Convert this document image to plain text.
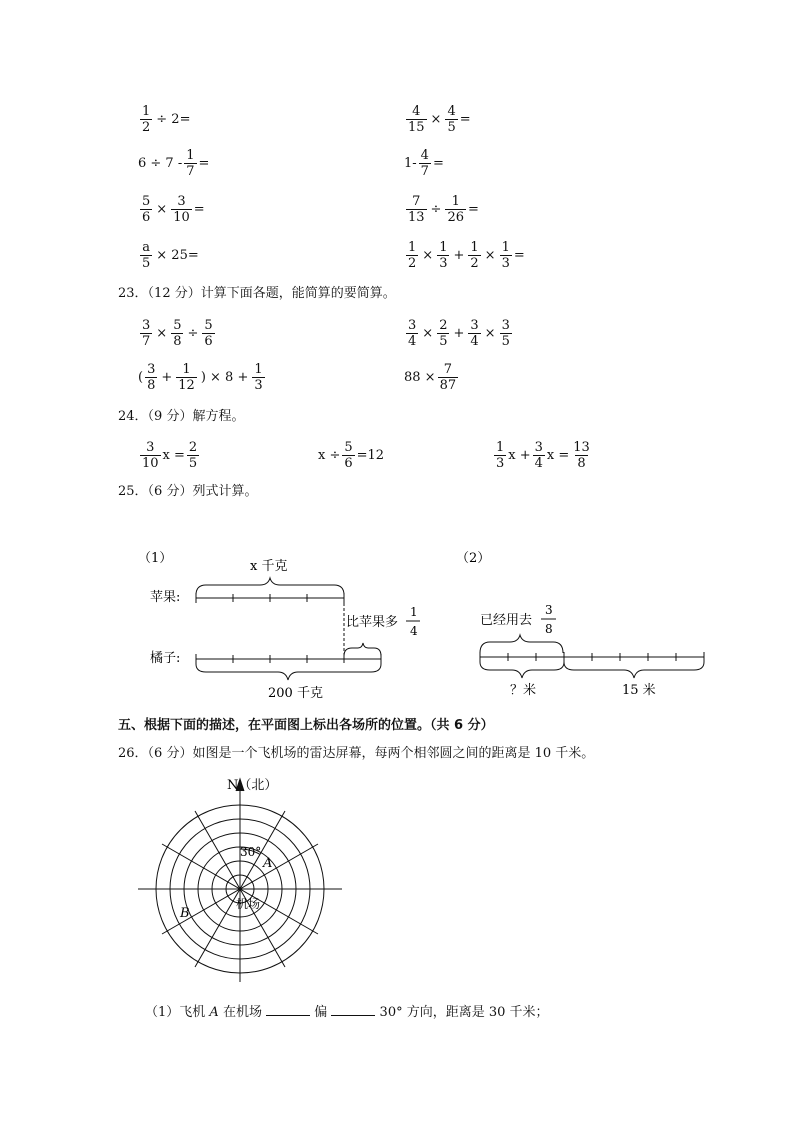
$\frac{1}{2} \div 2=$	$\frac{4}{15} \times \frac{4}{5}$ =
$6 \div 7 - \frac{1}{7}$ =	$1- \frac{4}{7}$ =
$\frac{5}{6} \times \frac{3}{10}$ =	$\frac{7}{13} \div \frac{1}{26}$ =
$\frac{a}{5} \times 25=$	$\frac{1}{2} \times \frac{1}{3} + \frac{1}{2} \times \frac{1}{3}$ =
23．（12 分）计算下面各题，能简算的要简算。
$\frac{3}{7} \times \frac{5}{8} \div \frac{5}{6}$	$\frac{3}{4} \times \frac{2}{5} + \frac{3}{4} \times \frac{3}{5}$
( $\frac{3}{8} + \frac{1}{12}$ ) × $8 + \frac{1}{3}$	$88 \times \frac{7}{87}$
24．（9 分）解方程。
$\frac{3}{10}$ $x = \frac{2}{5}$	$x \div \frac{5}{6} =12$	$\frac{1}{3}$ $x + \frac{3}{4}$ $x = \frac{13}{8}$
25．（6 分）列式计算。
（1）
x 千克
苹果:
比苹果多
1
4
橘子:
200 千克
（2）
已经用去
3
8
？米	15 米
五、根据下面的描述，在平面图上标出各场所的位置。（共 6 分）
26．（6 分）如图是一个飞机场的雷达屏幕，每两个相邻圆之间的距离是 10 千米。
N（北）
30°
A
B
机场
（1）飞机 A 在机场	偏	30° 方向，距离是 30 千米；
